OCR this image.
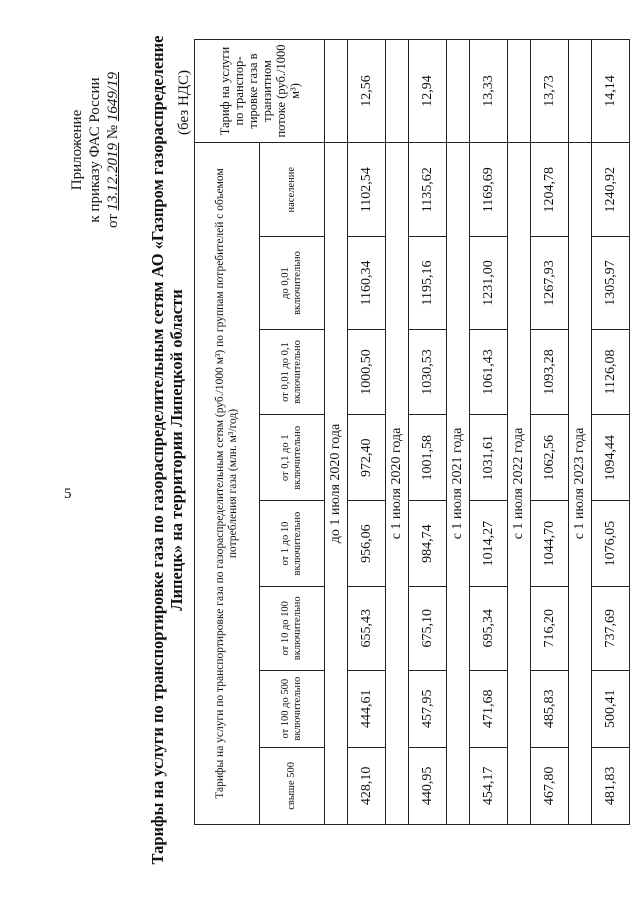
5
Приложение к приказу ФАС России от 13.12.2019 № 1649/19 Тарифы на услуги по транспортировке газа по газораспределительным сетям АО «Газпром газораспределение Липецк» на территории Липецкой области
(без НДС)
Тарифы на услуги по транспортировке газа по газораспределительным сетям (руб./1000 м³) по группам потребителей с объемом потребления газа (млн. м³/год)								Тариф на услуги по транспор-тировке газа в транзитном потоке (руб./1000 м³)
свыше 500	от 100 до 500 включительно	от 10 до 100 включительно	от 1 до 10 включительно	от 0,1 до 1 включительно	от 0,01 до 0,1 включительно	до 0,01 включительно	население	
до 1 июля 2020 года								
428,10	444,61	655,43	956,06	972,40	1000,50	1160,34	1102,54	12,56
с 1 июля 2020 года								
440,95	457,95	675,10	984,74	1001,58	1030,53	1195,16	1135,62	12,94
с 1 июля 2021 года								
454,17	471,68	695,34	1014,27	1031,61	1061,43	1231,00	1169,69	13,33
с 1 июля 2022 года								
467,80	485,83	716,20	1044,70	1062,56	1093,28	1267,93	1204,78	13,73
с 1 июля 2023 года								
481,83	500,41	737,69	1076,05	1094,44	1126,08	1305,97	1240,92	14,14
